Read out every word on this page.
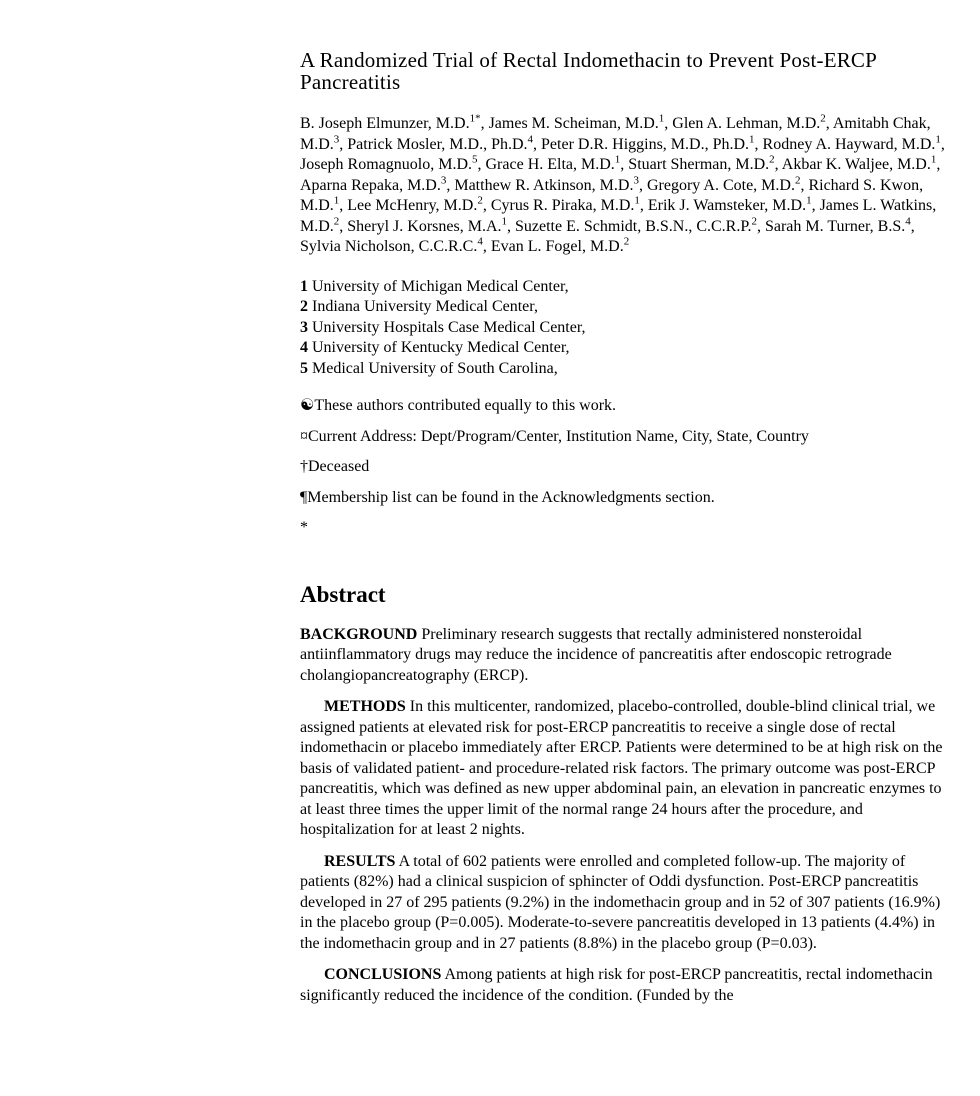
A Randomized Trial of Rectal Indomethacin to Prevent Post-ERCP Pancreatitis

B. Joseph Elmunzer, M.D.$^{1*}$, James M. Scheiman, M.D.$^1$, Glen A. Lehman, M.D.$^2$, Amitabh Chak, M.D.$^3$, Patrick Mosler, M.D., Ph.D.$^4$, Peter D.R. Higgins, M.D., Ph.D.$^1$, Rodney A. Hayward, M.D.$^1$, Joseph Romagnuolo, M.D.$^5$, Grace H. Elta, M.D.$^1$, Stuart Sherman, M.D.$^2$, Akbar K. Waljee, M.D.$^1$, Aparna Repaka, M.D.$^3$, Matthew R. Atkinson, M.D.$^3$, Gregory A. Cote, M.D.$^2$, Richard S. Kwon, M.D.$^1$, Lee McHenry, M.D.$^2$, Cyrus R. Piraka, M.D.$^1$, Erik J. Wamsteker, M.D.$^1$, James L. Watkins, M.D.$^2$, Sheryl J. Korsnes, M.A.$^1$, Suzette E. Schmidt, B.S.N., C.C.R.P.$^2$, Sarah M. Turner, B.S.$^4$, Sylvia Nicholson, C.C.R.C.$^4$, Evan L. Fogel, M.D.$^2$

1 University of Michigan Medical Center,
2 Indiana University Medical Center,
3 University Hospitals Case Medical Center,
4 University of Kentucky Medical Center,
5 Medical University of South Carolina,

☯These authors contributed equally to this work.

¤Current Address: Dept/Program/Center, Institution Name, City, State, Country

†Deceased

¶Membership list can be found in the Acknowledgments section.

*

Abstract

BACKGROUND Preliminary research suggests that rectally administered nonsteroidal antiinflammatory drugs may reduce the incidence of pancreatitis after endoscopic retrograde cholangiopancreatography (ERCP).

METHODS In this multicenter, randomized, placebo-controlled, double-blind clinical trial, we assigned patients at elevated risk for post-ERCP pancreatitis to receive a single dose of rectal indomethacin or placebo immediately after ERCP. Patients were determined to be at high risk on the basis of validated patient- and procedure-related risk factors. The primary outcome was post-ERCP pancreatitis, which was defined as new upper abdominal pain, an elevation in pancreatic enzymes to at least three times the upper limit of the normal range 24 hours after the procedure, and hospitalization for at least 2 nights.

RESULTS A total of 602 patients were enrolled and completed follow-up. The majority of patients (82%) had a clinical suspicion of sphincter of Oddi dysfunction. Post-ERCP pancreatitis developed in 27 of 295 patients (9.2%) in the indomethacin group and in 52 of 307 patients (16.9%) in the placebo group (P=0.005). Moderate-to-severe pancreatitis developed in 13 patients (4.4%) in the indomethacin group and in 27 patients (8.8%) in the placebo group (P=0.03).

CONCLUSIONS Among patients at high risk for post-ERCP pancreatitis, rectal indomethacin significantly reduced the incidence of the condition. (Funded by the
